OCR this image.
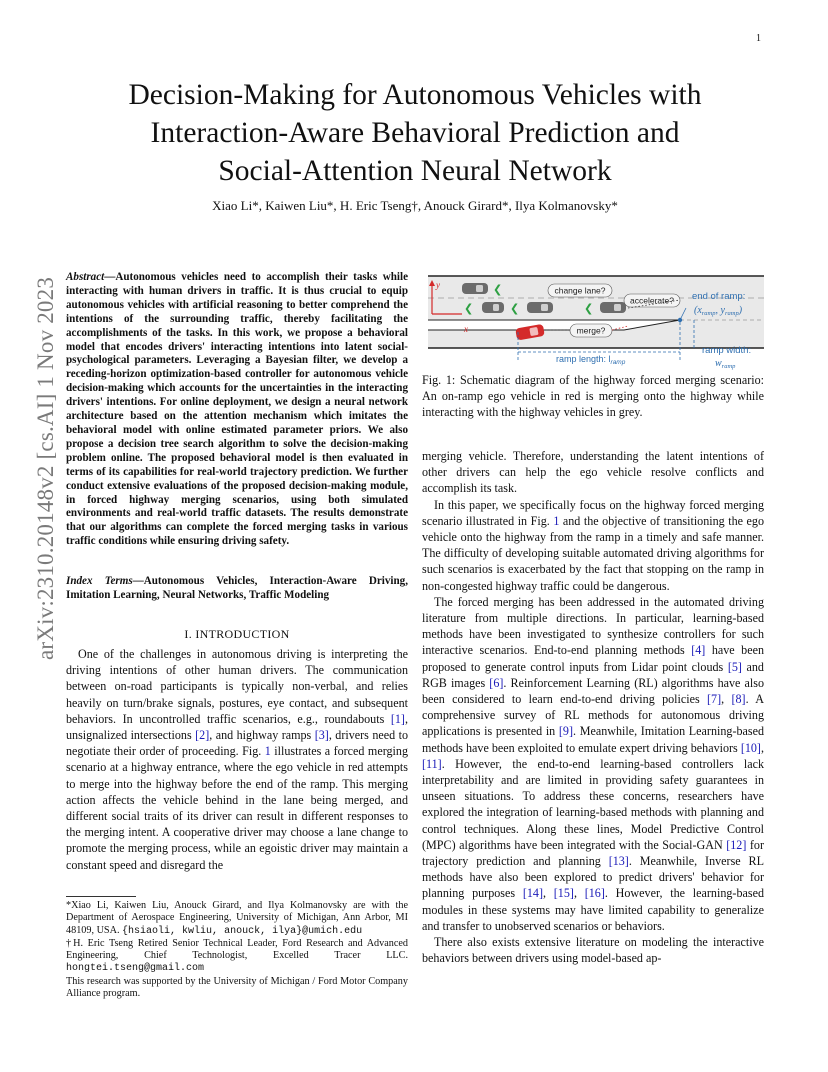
1
arXiv:2310.20148v2 [cs.AI] 1 Nov 2023
Decision-Making for Autonomous Vehicles with
Interaction-Aware Behavioral Prediction and
Social-Attention Neural Network
Xiao Li*, Kaiwen Liu*, H. Eric Tseng†, Anouck Girard*, Ilya Kolmanovsky*
Abstract—Autonomous vehicles need to accomplish their tasks while interacting with human drivers in traffic. It is thus crucial to equip autonomous vehicles with artificial reasoning to better comprehend the intentions of the surrounding traffic, thereby facilitating the accomplishments of the tasks. In this work, we propose a behavioral model that encodes drivers' interacting intentions into latent social-psychological parameters. Leveraging a Bayesian filter, we develop a receding-horizon optimization-based controller for autonomous vehicle decision-making which accounts for the uncertainties in the interacting drivers' intentions. For online deployment, we design a neural network architecture based on the attention mechanism which imitates the behavioral model with online estimated parameter priors. We also propose a decision tree search algorithm to solve the decision-making problem online. The proposed behavioral model is then evaluated in terms of its capabilities for real-world trajectory prediction. We further conduct extensive evaluations of the proposed decision-making module, in forced highway merging scenarios, using both simulated environments and real-world traffic datasets. The results demonstrate that our algorithms can complete the forced merging tasks in various traffic conditions while ensuring driving safety.
Index Terms—Autonomous Vehicles, Interaction-Aware Driving, Imitation Learning, Neural Networks, Traffic Modeling
I. INTRODUCTION

One of the challenges in autonomous driving is interpreting the driving intentions of other human drivers. The communication between on-road participants is typically non-verbal, and relies heavily on turn/brake signals, postures, eye contact, and subsequent behaviors. In uncontrolled traffic scenarios, e.g., roundabouts [1], unsignalized intersections [2], and highway ramps [3], drivers need to negotiate their order of proceeding. Fig. 1 illustrates a forced merging scenario at a highway entrance, where the ego vehicle in red attempts to merge into the highway before the end of the ramp. This merging action affects the vehicle behind in the lane being merged, and different social traits of its driver can result in different responses to the merging intent. A cooperative driver may choose a lane change to promote the merging process, while an egoistic driver may maintain a constant speed and disregard the

*Xiao Li, Kaiwen Liu, Anouck Girard, and Ilya Kolmanovsky are with the Department of Aerospace Engineering, University of Michigan, Ann Arbor, MI 48109, USA. {hsiaoli, kwliu, anouck, ilya}@umich.edu
†H. Eric Tseng Retired Senior Technical Leader, Ford Research and Advanced Engineering, Chief Technologist, Excelled Tracer LLC. hongtei.tseng@gmail.com
This research was supported by the University of Michigan / Ford Motor Company Alliance program.
y
x
❮
❮	❮	❮
change lane?
accelerate?
merge?
ramp length: $l_{ramp}$
end of ramp:
($x_{ramp}$, $y_{ramp}$)
ramp width:
$w_{ramp}$
Fig. 1: Schematic diagram of the highway forced merging scenario: An on-ramp ego vehicle in red is merging onto the highway while interacting with the highway vehicles in grey.

merging vehicle. Therefore, understanding the latent intentions of other drivers can help the ego vehicle resolve conflicts and accomplish its task.

In this paper, we specifically focus on the highway forced merging scenario illustrated in Fig. 1 and the objective of transitioning the ego vehicle onto the highway from the ramp in a timely and safe manner. The difficulty of developing suitable automated driving algorithms for such scenarios is exacerbated by the fact that stopping on the ramp in non-congested highway traffic could be dangerous.

The forced merging has been addressed in the automated driving literature from multiple directions. In particular, learning-based methods have been investigated to synthesize controllers for such interactive scenarios. End-to-end planning methods [4] have been proposed to generate control inputs from Lidar point clouds [5] and RGB images [6]. Reinforcement Learning (RL) algorithms have also been considered to learn end-to-end driving policies [7], [8]. A comprehensive survey of RL methods for autonomous driving applications is presented in [9]. Meanwhile, Imitation Learning-based methods have been exploited to emulate expert driving behaviors [10], [11]. However, the end-to-end learning-based controllers lack interpretability and are limited in providing safety guarantees in unseen situations. To address these concerns, researchers have explored the integration of learning-based methods with planning and control techniques. Along these lines, Model Predictive Control (MPC) algorithms have been integrated with the Social-GAN [12] for trajectory prediction and planning [13]. Meanwhile, Inverse RL methods have also been explored to predict drivers' behavior for planning purposes [14], [15], [16]. However, the learning-based modules in these systems may have limited capability to generalize and transfer to unobserved scenarios or behaviors.

There also exists extensive literature on modeling the interactive behaviors between drivers using model-based ap-
